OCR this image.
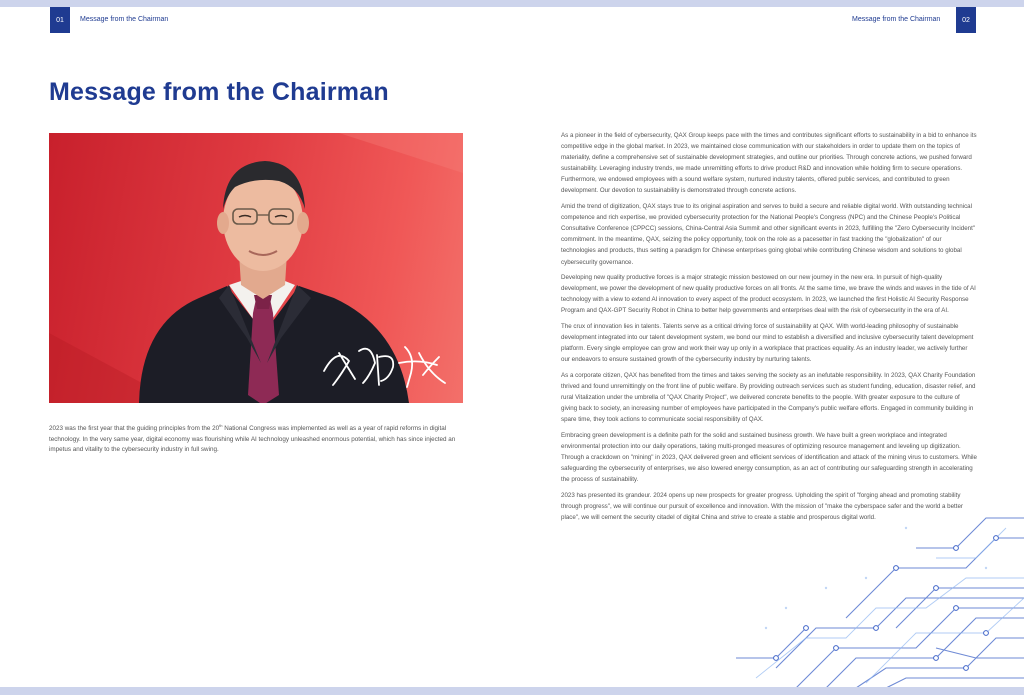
01 Message from the Chairman	Message from the Chairman	02
Message from the Chairman

2023 was the first year that the guiding principles from the 20th National Congress was implemented as well as a year of rapid reforms in digital technology. In the very same year, digital economy was flourishing while AI technology unleashed enormous potential, which has since injected an impetus and vitality to the cybersecurity industry in full swing.

As a pioneer in the field of cybersecurity, QAX Group keeps pace with the times and contributes significant efforts to sustainability in a bid to enhance its competitive edge in the global market. In 2023, we maintained close communication with our stakeholders in order to update them on the topics of materiality, define a comprehensive set of sustainable development strategies, and outline our priorities. Through concrete actions, we pushed forward sustainability. Leveraging industry trends, we made unremitting efforts to drive product R&D and innovation while holding firm to secure operations. Furthermore, we endowed employees with a sound welfare system, nurtured industry talents, offered public services, and contributed to green development. Our devotion to sustainability is demonstrated through concrete actions.

Amid the trend of digitization, QAX stays true to its original aspiration and serves to build a secure and reliable digital world. With outstanding technical competence and rich expertise, we provided cybersecurity protection for the National People's Congress (NPC) and the Chinese People's Political Consultative Conference (CPPCC) sessions, China-Central Asia Summit and other significant events in 2023, fulfilling the "Zero Cybersecurity Incident" commitment. In the meantime, QAX, seizing the policy opportunity, took on the role as a pacesetter in fast tracking the "globalization" of our technologies and products, thus setting a paradigm for Chinese enterprises going global while contributing Chinese wisdom and solutions to global cybersecurity governance.

Developing new quality productive forces is a major strategic mission bestowed on our new journey in the new era. In pursuit of high-quality development, we power the development of new quality productive forces on all fronts. At the same time, we brave the winds and waves in the tide of AI technology with a view to extend AI innovation to every aspect of the product ecosystem. In 2023, we launched the first Holistic AI Security Response Program and QAX-GPT Security Robot in China to better help governments and enterprises deal with the risk of cybersecurity in the era of AI.

The crux of innovation lies in talents. Talents serve as a critical driving force of sustainability at QAX. With world-leading philosophy of sustainable development integrated into our talent development system, we bond our mind to establish a diversified and inclusive cybersecurity talent development platform. Every single employee can grow and work their way up only in a workplace that practices equality. As an industry leader, we actively further our endeavors to ensure sustained growth of the cybersecurity industry by nurturing talents.

As a corporate citizen, QAX has benefited from the times and takes serving the society as an inefutable responsibility. In 2023, QAX Charity Foundation thrived and found unremittingly on the front line of public welfare. By providing outreach services such as student funding, education, disaster relief, and rural Vitalization under the umbrella of "QAX Charity Project", we delivered concrete benefits to the people. With greater exposure to the culture of giving back to society, an increasing number of employees have participated in the Company's public welfare efforts. Engaged in community building in spare time, they took actions to communicate social responsibility of QAX.

Embracing green development is a definite path for the solid and sustained business growth. We have built a green workplace and integrated environmental protection into our daily operations, taking multi-pronged measures of optimizing resource management and leveling up digitization. Through a crackdown on "mining" in 2023, QAX delivered green and efficient services of identification and attack of the mining virus to customers. While safeguarding the cybersecurity of enterprises, we also lowered energy consumption, as an act of contributing our safeguarding strength in accelerating the process of sustainability.

2023 has presented its grandeur. 2024 opens up new prospects for greater progress. Upholding the spirit of "forging ahead and promoting stability through progress", we will continue our pursuit of excellence and innovation. With the mission of "make the cyberspace safer and the world a better place", we will cement the security citadel of digital China and strive to create a stable and prosperous digital world.
